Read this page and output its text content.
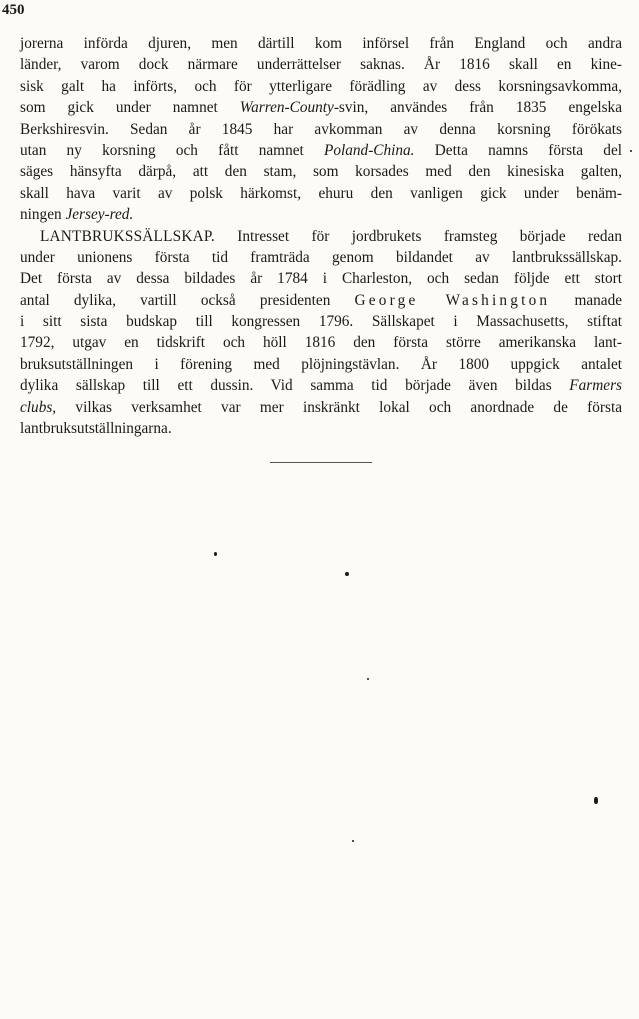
450
jorerna införda djuren, men därtill kom införsel från England och andra
länder, varom dock närmare underrättelser saknas. År 1816 skall en kine-
sisk galt ha införts, och för ytterligare förädling av dess korsningsavkomma,
som gick under namnet Warren-County-svin, användes från 1835 engelska
Berkshiresvin. Sedan år 1845 har avkomman av denna korsning förökats
utan ny korsning och fått namnet Poland-China. Detta namns första del
säges hänsyfta därpå, att den stam, som korsades med den kinesiska galten,
skall hava varit av polsk härkomst, ehuru den vanligen gick under benäm-
ningen Jersey-red.
LANTBRUKSSÄLLSKAP. Intresset för jordbrukets framsteg började redan
under unionens första tid framträda genom bildandet av lantbrukssällskap.
Det första av dessa bildades år 1784 i Charleston, och sedan följde ett stort
antal dylika, vartill också presidenten George Washington manade
i sitt sista budskap till kongressen 1796. Sällskapet i Massachusetts, stiftat
1792, utgav en tidskrift och höll 1816 den första större amerikanska lant-
bruksutställningen i förening med plöjningstävlan. År 1800 uppgick antalet
dylika sällskap till ett dussin. Vid samma tid började även bildas Farmers
clubs, vilkas verksamhet var mer inskränkt lokal och anordnade de första
lantbruksutställningarna.
